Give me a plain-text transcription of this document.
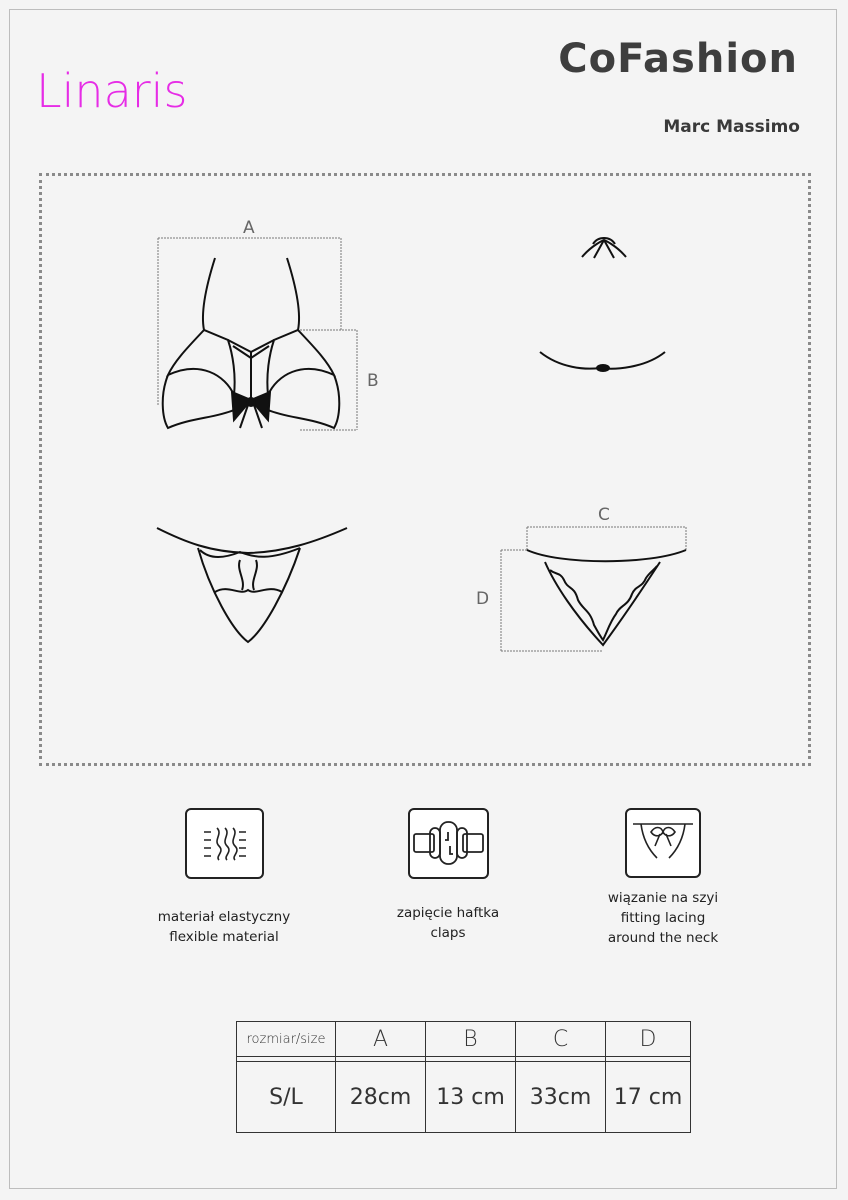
Linaris
CoFashion
Marc Massimo
A
B
C
D
materiał elastyczny
flexible material
zapięcie haftka
claps
wiązanie na szyi
fitting lacing
around the neck
rozmiar/size	A	B	C	D

S/L	28cm	13 cm	33cm	17 cm
